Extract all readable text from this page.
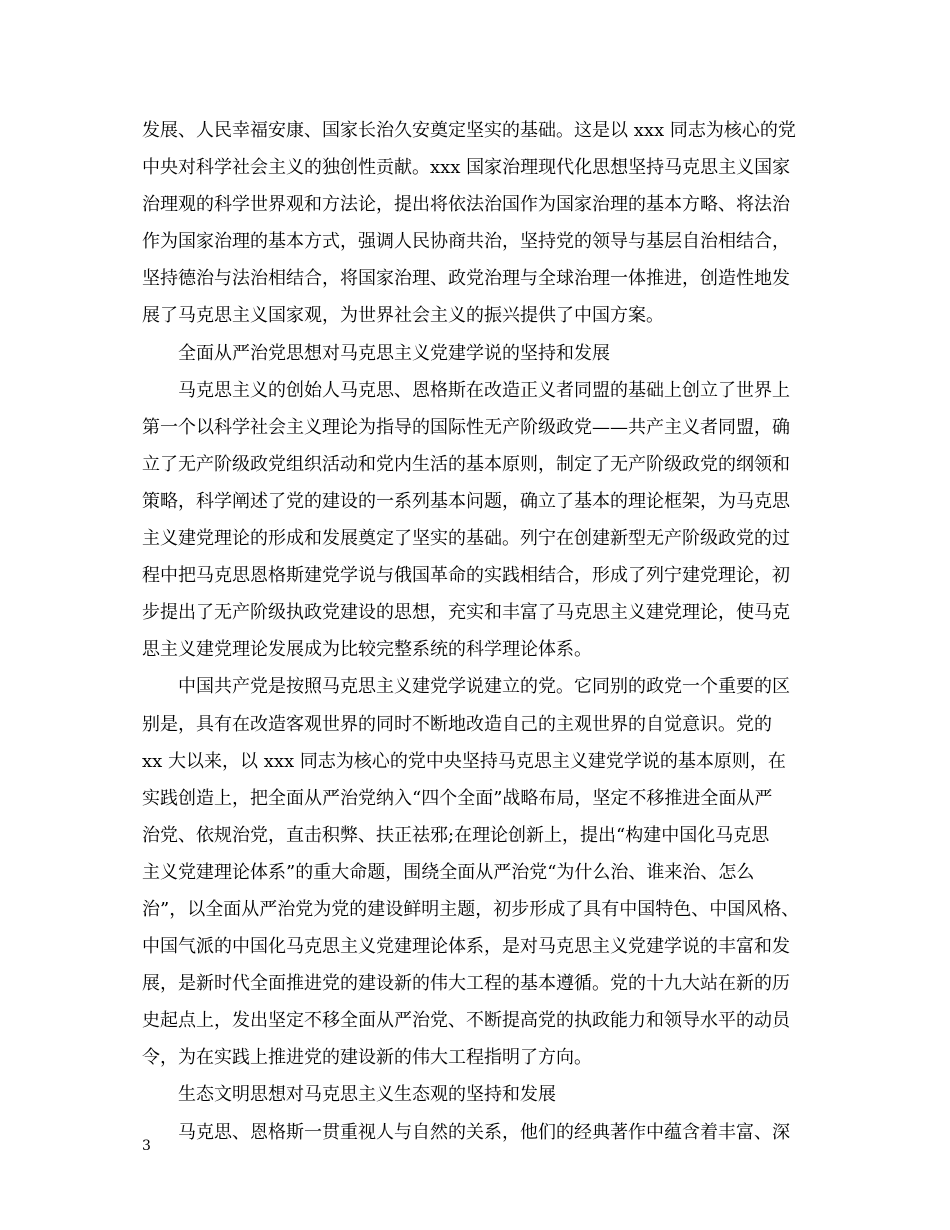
发展、人民幸福安康、国家长治久安奠定坚实的基础。这是以 xxx 同志为核心的党
中央对科学社会主义的独创性贡献。xxx 国家治理现代化思想坚持马克思主义国家
治理观的科学世界观和方法论，提出将依法治国作为国家治理的基本方略、将法治
作为国家治理的基本方式，强调人民协商共治，坚持党的领导与基层自治相结合，
坚持德治与法治相结合，将国家治理、政党治理与全球治理一体推进，创造性地发
展了马克思主义国家观，为世界社会主义的振兴提供了中国方案。
全面从严治党思想对马克思主义党建学说的坚持和发展
马克思主义的创始人马克思、恩格斯在改造正义者同盟的基础上创立了世界上
第一个以科学社会主义理论为指导的国际性无产阶级政党——共产主义者同盟，确
立了无产阶级政党组织活动和党内生活的基本原则，制定了无产阶级政党的纲领和
策略，科学阐述了党的建设的一系列基本问题，确立了基本的理论框架，为马克思
主义建党理论的形成和发展奠定了坚实的基础。列宁在创建新型无产阶级政党的过
程中把马克思恩格斯建党学说与俄国革命的实践相结合，形成了列宁建党理论，初
步提出了无产阶级执政党建设的思想，充实和丰富了马克思主义建党理论，使马克
思主义建党理论发展成为比较完整系统的科学理论体系。
中国共产党是按照马克思主义建党学说建立的党。它同别的政党一个重要的区
别是，具有在改造客观世界的同时不断地改造自己的主观世界的自觉意识。党的
xx 大以来，以 xxx 同志为核心的党中央坚持马克思主义建党学说的基本原则，在
实践创造上，把全面从严治党纳入“四个全面”战略布局，坚定不移推进全面从严
治党、依规治党，直击积弊、扶正祛邪;在理论创新上，提出“构建中国化马克思
主义党建理论体系”的重大命题，围绕全面从严治党“为什么治、谁来治、怎么
治”，以全面从严治党为党的建设鲜明主题，初步形成了具有中国特色、中国风格、
中国气派的中国化马克思主义党建理论体系，是对马克思主义党建学说的丰富和发
展，是新时代全面推进党的建设新的伟大工程的基本遵循。党的十九大站在新的历
史起点上，发出坚定不移全面从严治党、不断提高党的执政能力和领导水平的动员
令，为在实践上推进党的建设新的伟大工程指明了方向。
生态文明思想对马克思主义生态观的坚持和发展
马克思、恩格斯一贯重视人与自然的关系，他们的经典著作中蕴含着丰富、深
3
